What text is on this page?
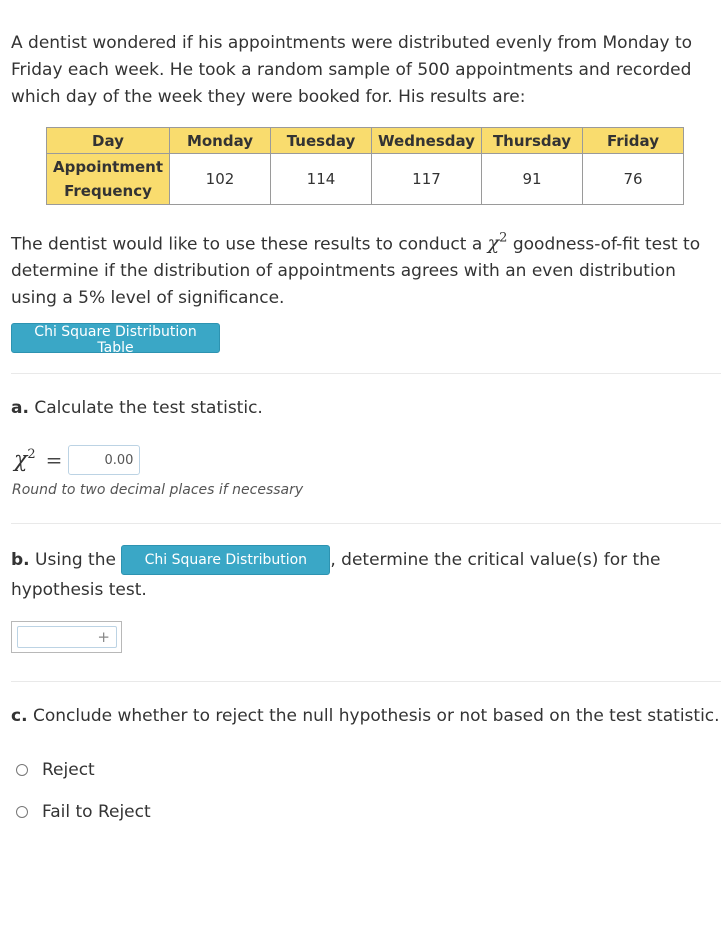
A dentist wondered if his appointments were distributed evenly from Monday to Friday each week. He took a random sample of 500 appointments and recorded which day of the week they were booked for. His results are:

Day	Monday	Tuesday	Wednesday	Thursday	Friday
Appointment
Frequency	102	114	117	91	76

The dentist would like to use these results to conduct a $\chi^2$ goodness-of-fit test to determine if the distribution of appointments agrees with an even distribution using a 5% level of significance.

Chi Square Distribution Table

a. Calculate the test statistic.

$\chi^2$ =
0.00
Round to two decimal places if necessary

b. Using the Chi Square Distribution Table, determine the critical value(s) for the hypothesis test.

+

c. Conclude whether to reject the null hypothesis or not based on the test statistic.

Reject
Fail to Reject
